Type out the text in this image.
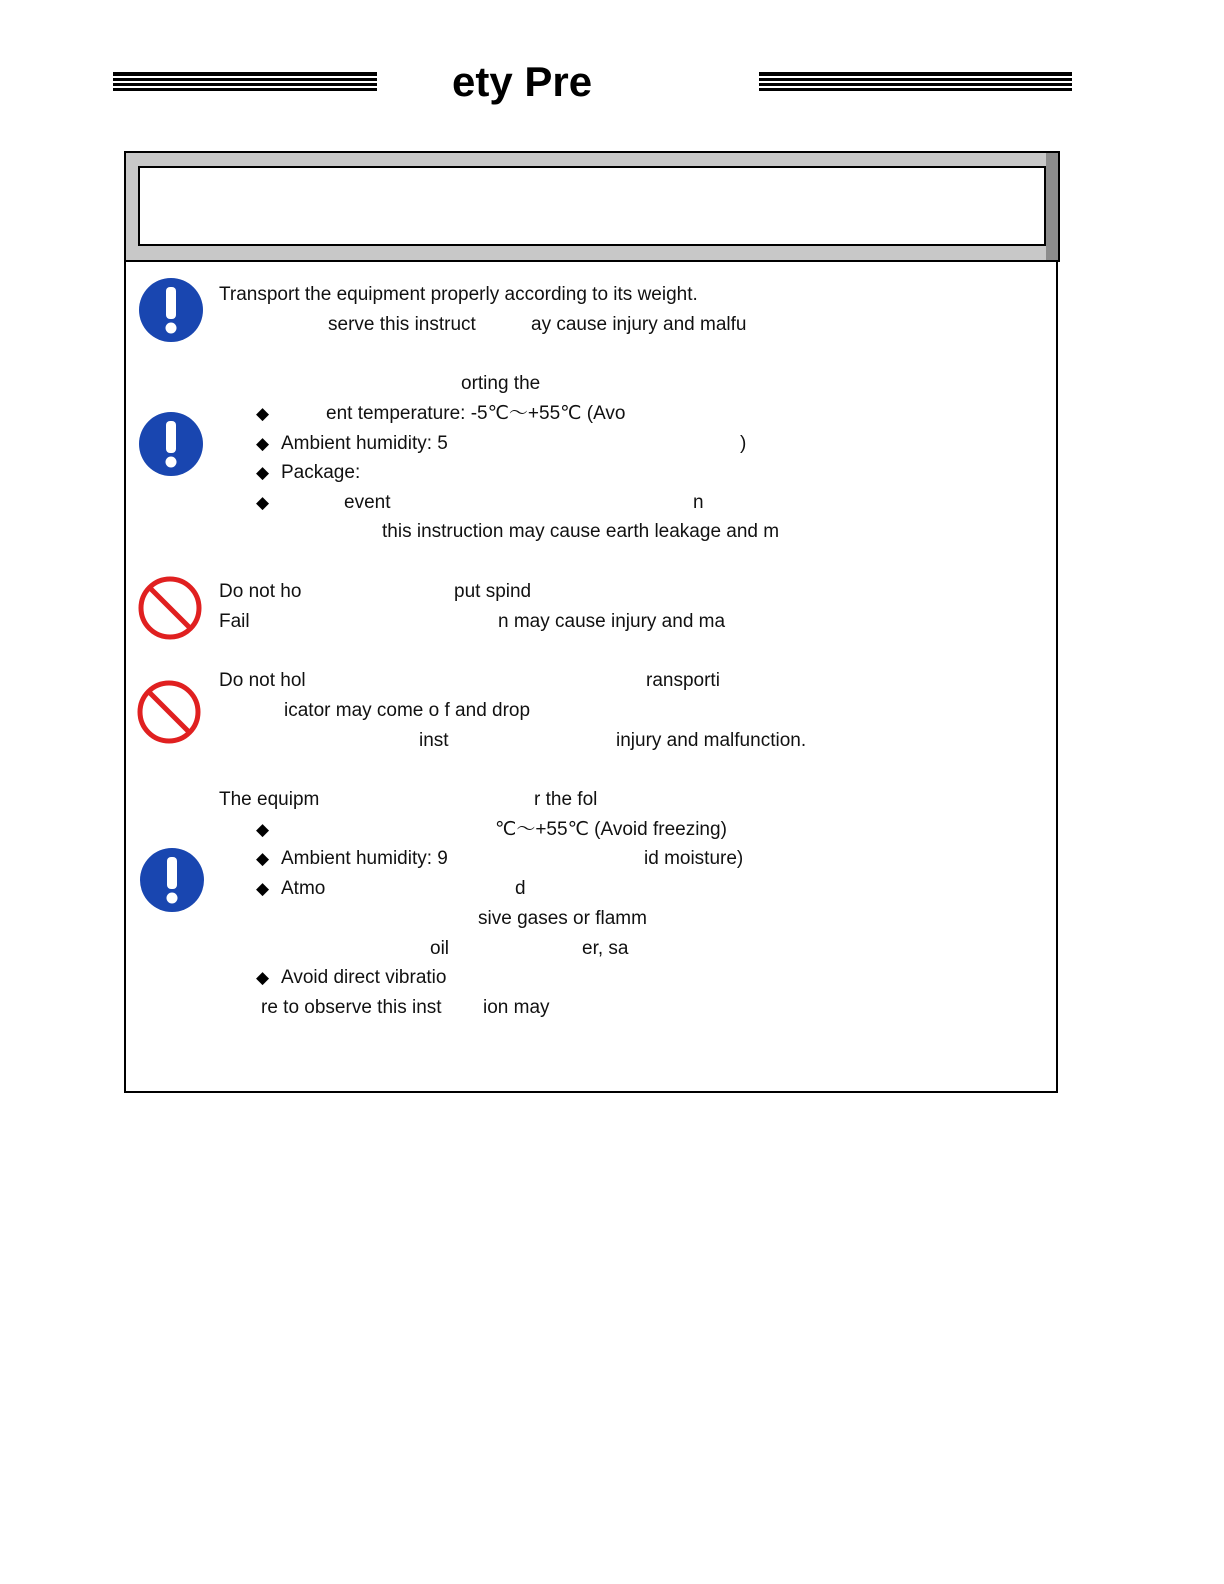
ety Pre
Transport the equipment properly according to its weight.
serve this instruct	ay cause injury and malfu
orting the
◆	ent temperature: -5℃～+55℃ (Avo
◆ Ambient humidity: 5	)
◆ Package:
◆	event	n
this instruction may cause earth leakage and m
Do not ho	put spind
Fail	n may cause injury and ma
Do not hol	ransporti
icator may come o f and drop
inst	injury and malfunction.
The equipm	r the fol
◆	℃～+55℃ (Avoid freezing)
◆ Ambient humidity: 9	id moisture)
◆ Atmo	d
sive gases or flamm
oil	er, sa
◆ Avoid direct vibratio
re to observe this inst ion may
